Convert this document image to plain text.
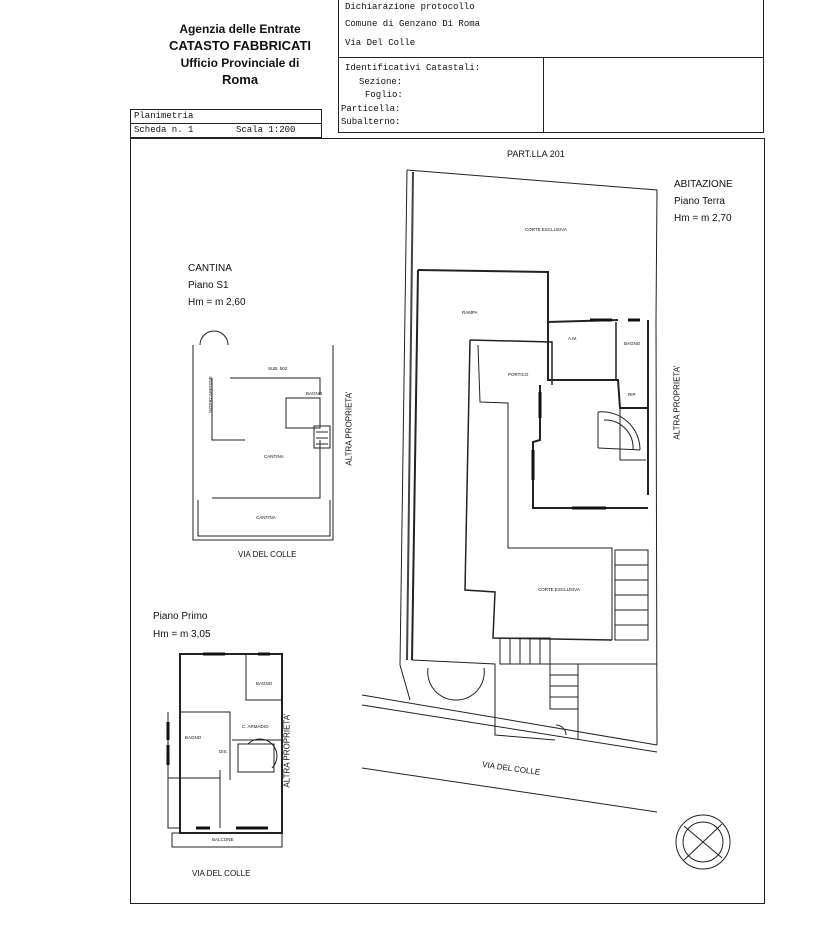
Agenzia delle Entrate
CATASTO FABBRICATI
Ufficio Provinciale di
Roma
Dichiarazione protocollo
Comune di Genzano Di Roma
Via Del Colle
Identificativi Catastali:
Sezione:
Foglio:
Particella:
Subalterno:
Planimetria
Scheda n. 1	Scala 1:200
PART.LLA 201
ABITAZIONE
Piano Terra
Hm = m 2,70
CANTINA
Piano S1
Hm = m 2,60
Piano Primo
Hm = m 3,05
ALTRA PROPRIETA'	ALTRA PROPRIETA'
ALTRA PROPRIETA'
VIA DEL COLLE
VIA DEL COLLE
VIA DEL COLLE
CORTE ESCLUSIVA
RAMPA
A.M.
BAGNO
PORTICO
RIP.
CORTE ESCLUSIVA
SUB. 502
INTERCAPEDINE	BAGNO
CANTINA
CANTINA
BAGNO
C. ARMADIO
BAGNO
DIS.
BALCONE
